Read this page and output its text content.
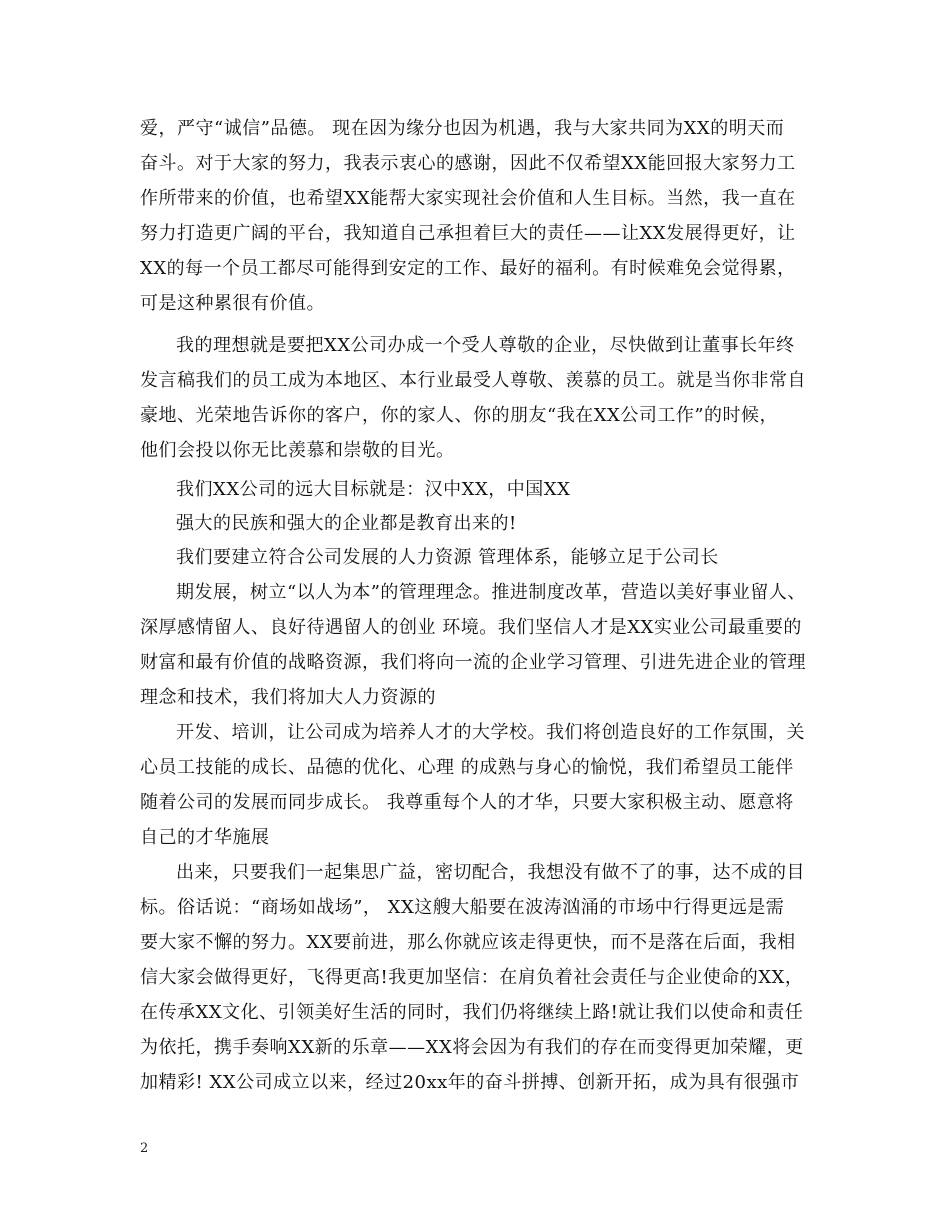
爱，严守“诚信”品德。 现在因为缘分也因为机遇，我与大家共同为XX的明天而
奋斗。对于大家的努力，我表示衷心的感谢，因此不仅希望XX能回报大家努力工
作所带来的价值，也希望XX能帮大家实现社会价值和人生目标。当然，我一直在
努力打造更广阔的平台，我知道自己承担着巨大的责任——让XX发展得更好，让
XX的每一个员工都尽可能得到安定的工作、最好的福利。有时候难免会觉得累，
可是这种累很有价值。
我的理想就是要把XX公司办成一个受人尊敬的企业，尽快做到让董事长年终
发言稿我们的员工成为本地区、本行业最受人尊敬、羡慕的员工。就是当你非常自
豪地、光荣地告诉你的客户，你的家人、你的朋友“我在XX公司工作”的时候，
他们会投以你无比羡慕和崇敬的目光。
我们XX公司的远大目标就是：汉中XX，中国XX
强大的民族和强大的企业都是教育出来的!
我们要建立符合公司发展的人力资源 管理体系，能够立足于公司长
期发展，树立“以人为本”的管理理念。推进制度改革，营造以美好事业留人、
深厚感情留人、良好待遇留人的创业 环境。我们坚信人才是XX实业公司最重要的
财富和最有价值的战略资源，我们将向一流的企业学习管理、引进先进企业的管理
理念和技术，我们将加大人力资源的
开发、培训，让公司成为培养人才的大学校。我们将创造良好的工作氛围，关
心员工技能的成长、品德的优化、心理 的成熟与身心的愉悦，我们希望员工能伴
随着公司的发展而同步成长。 我尊重每个人的才华，只要大家积极主动、愿意将
自己的才华施展
出来，只要我们一起集思广益，密切配合，我想没有做不了的事，达不成的目
标。俗话说：“商场如战场”， XX这艘大船要在波涛汹涌的市场中行得更远是需
要大家不懈的努力。XX要前进，那么你就应该走得更快，而不是落在后面，我相
信大家会做得更好，飞得更高!我更加坚信：在肩负着社会责任与企业使命的XX，
在传承XX文化、引领美好生活的同时，我们仍将继续上路!就让我们以使命和责任
为依托，携手奏响XX新的乐章——XX将会因为有我们的存在而变得更加荣耀，更
加精彩! XX公司成立以来，经过20xx年的奋斗拼搏、创新开拓，成为具有很强市
2
